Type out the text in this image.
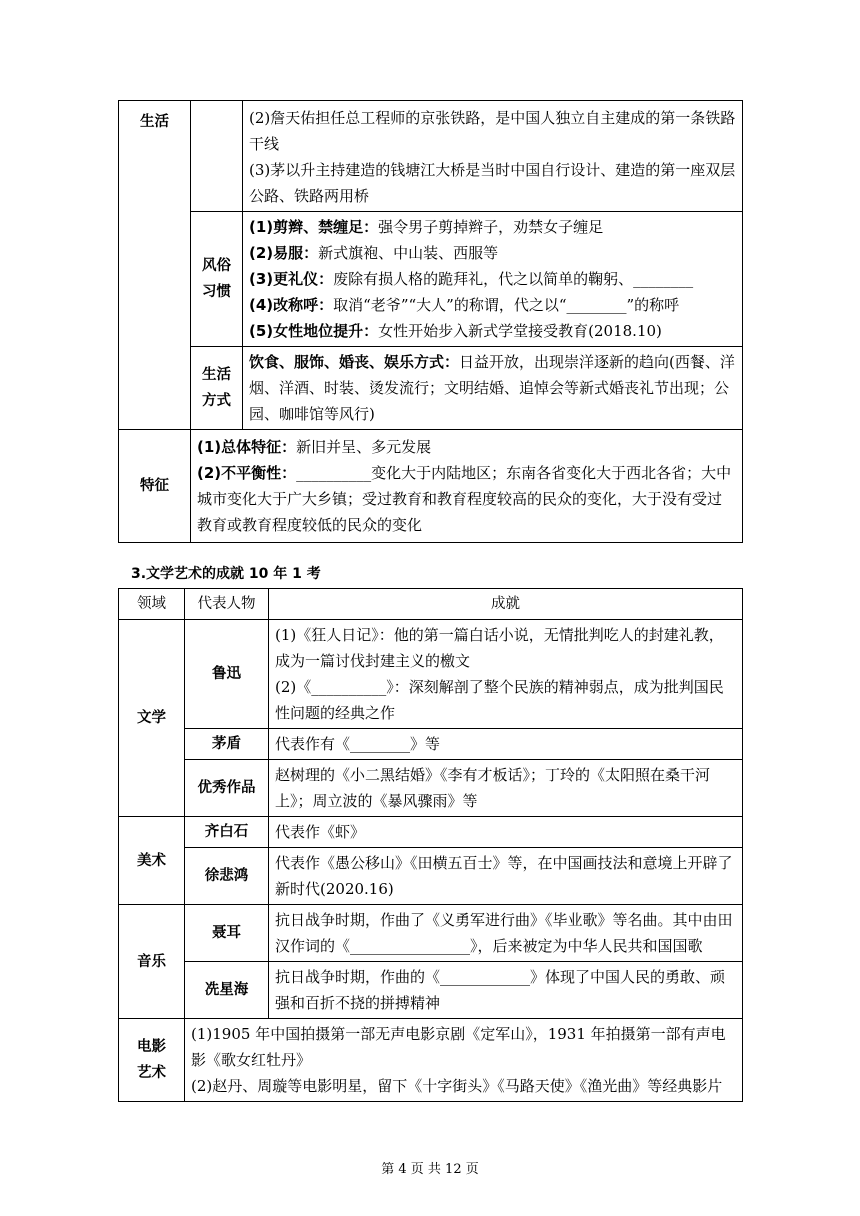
生活		(2)詹天佑担任总工程师的京张铁路，是中国人独立自主建成的第一条铁路干线
(3)茅以升主持建造的钱塘江大桥是当时中国自行设计、建造的第一座双层公路、铁路两用桥

	风俗习惯	(1)剪辫、禁缠足：强令男子剪掉辫子，劝禁女子缠足
(2)易服：新式旗袍、中山装、西服等
(3)更礼仪：废除有损人格的跪拜礼，代之以简单的鞠躬、________
(4)改称呼：取消“老爷”“大人”的称谓，代之以“________”的称呼
(5)女性地位提升：女性开始步入新式学堂接受教育(2018.10)

	生活方式	饮食、服饰、婚丧、娱乐方式：日益开放，出现崇洋逐新的趋向(西餐、洋烟、洋酒、时装、烫发流行；文明结婚、追悼会等新式婚丧礼节出现；公园、咖啡馆等风行)
特征	(1)总体特征：新旧并呈、多元发展
(2)不平衡性：__________变化大于内陆地区；东南各省变化大于西北各省；大中城市变化大于广大乡镇；受过教育和教育程度较高的民众的变化，大于没有受过教育或教育程度较低的民众的变化	
3.文学艺术的成就 10 年 1 考
领域	代表人物	成就
文学	鲁迅	(1)《狂人日记》：他的第一篇白话小说，无情批判吃人的封建礼教，成为一篇讨伐封建主义的檄文
(2)《__________》：深刻解剖了整个民族的精神弱点，成为批判国民性问题的经典之作

	茅盾	代表作有《________》等
	优秀作品	赵树理的《小二黑结婚》《李有才板话》；丁玲的《太阳照在桑干河上》；周立波的《暴风骤雨》等
美术	齐白石	代表作《虾》
	徐悲鸿	代表作《愚公移山》《田横五百士》等，在中国画技法和意境上开辟了新时代(2020.16)
音乐	聂耳	抗日战争时期，作曲了《义勇军进行曲》《毕业歌》等名曲。其中由田汉作词的《________________》，后来被定为中华人民共和国国歌
	冼星海	抗日战争时期，作曲的《____________》体现了中国人民的勇敢、顽强和百折不挠的拼搏精神
电影艺术	(1)1905 年中国拍摄第一部无声电影京剧《定军山》，1931 年拍摄第一部有声电影《歌女红牡丹》
(2)赵丹、周璇等电影明星，留下《十字街头》《马路天使》《渔光曲》等经典影片	
第 4 页 共 12 页
